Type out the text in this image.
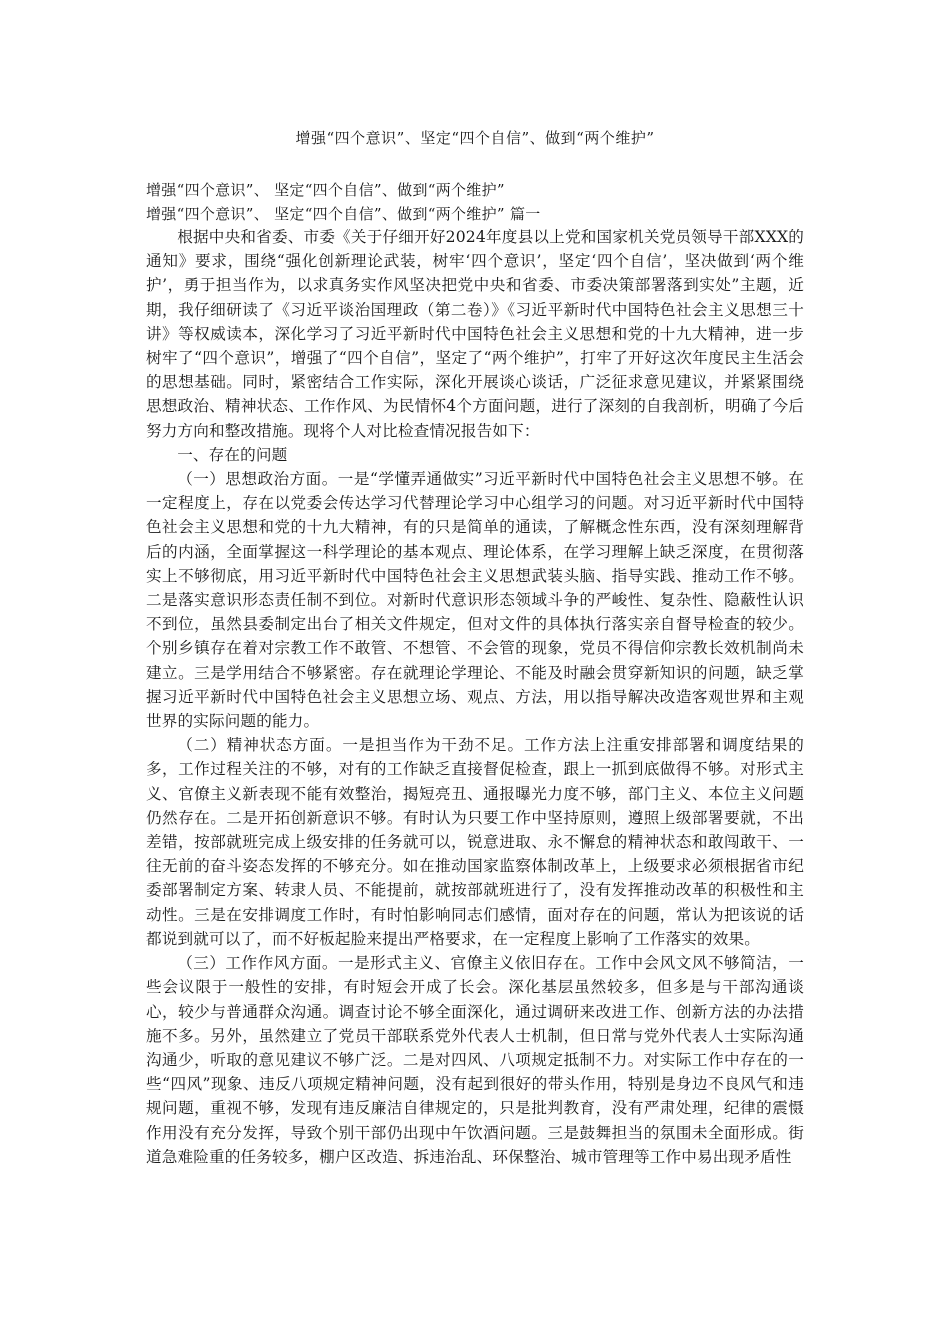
增强“四个意识”、坚定“四个自信”、做到“两个维护”
增强“四个意识”、 坚定“四个自信”、做到“两个维护”
增强“四个意识”、 坚定“四个自信”、做到“两个维护” 篇一

根据中央和省委、市委《关于仔细开好2024年度县以上党和国家机关党员领导干部XXX的通知》要求，围绕“强化创新理论武装，树牢‘四个意识’，坚定‘四个自信’，坚决做到‘两个维护’，勇于担当作为，以求真务实作风坚决把党中央和省委、市委决策部署落到实处”主题，近期，我仔细研读了《习近平谈治国理政（第二卷）》《习近平新时代中国特色社会主义思想三十讲》等权威读本，深化学习了习近平新时代中国特色社会主义思想和党的十九大精神，进一步树牢了“四个意识”，增强了“四个自信”，坚定了“两个维护”，打牢了开好这次年度民主生活会的思想基础。同时，紧密结合工作实际，深化开展谈心谈话，广泛征求意见建议，并紧紧围绕思想政治、精神状态、工作作风、为民情怀4个方面问题，进行了深刻的自我剖析，明确了今后努力方向和整改措施。现将个人对比检查情况报告如下：

一、存在的问题

（一）思想政治方面。一是“学懂弄通做实”习近平新时代中国特色社会主义思想不够。在一定程度上，存在以党委会传达学习代替理论学习中心组学习的问题。对习近平新时代中国特色社会主义思想和党的十九大精神，有的只是简单的通读，了解概念性东西，没有深刻理解背后的内涵，全面掌握这一科学理论的基本观点、理论体系，在学习理解上缺乏深度，在贯彻落实上不够彻底，用习近平新时代中国特色社会主义思想武装头脑、指导实践、推动工作不够。二是落实意识形态责任制不到位。对新时代意识形态领域斗争的严峻性、复杂性、隐蔽性认识不到位，虽然县委制定出台了相关文件规定，但对文件的具体执行落实亲自督导检查的较少。个别乡镇存在着对宗教工作不敢管、不想管、不会管的现象，党员不得信仰宗教长效机制尚未建立。三是学用结合不够紧密。存在就理论学理论、不能及时融会贯穿新知识的问题，缺乏掌握习近平新时代中国特色社会主义思想立场、观点、方法，用以指导解决改造客观世界和主观世界的实际问题的能力。

（二）精神状态方面。一是担当作为干劲不足。工作方法上注重安排部署和调度结果的多，工作过程关注的不够，对有的工作缺乏直接督促检查，跟上一抓到底做得不够。对形式主义、官僚主义新表现不能有效整治，揭短亮丑、通报曝光力度不够，部门主义、本位主义问题仍然存在。二是开拓创新意识不够。有时认为只要工作中坚持原则，遵照上级部署要就，不出差错，按部就班完成上级安排的任务就可以，锐意进取、永不懈怠的精神状态和敢闯敢干、一往无前的奋斗姿态发挥的不够充分。如在推动国家监察体制改革上，上级要求必须根据省市纪委部署制定方案、转隶人员、不能提前，就按部就班进行了，没有发挥推动改革的积极性和主动性。三是在安排调度工作时，有时怕影响同志们感情，面对存在的问题，常认为把该说的话都说到就可以了，而不好板起脸来提出严格要求，在一定程度上影响了工作落实的效果。

（三）工作作风方面。一是形式主义、官僚主义依旧存在。工作中会风文风不够简洁，一些会议限于一般性的安排，有时短会开成了长会。深化基层虽然较多，但多是与干部沟通谈心，较少与普通群众沟通。调查讨论不够全面深化，通过调研来改进工作、创新方法的办法措施不多。另外，虽然建立了党员干部联系党外代表人士机制，但日常与党外代表人士实际沟通沟通少，听取的意见建议不够广泛。二是对四风、八项规定抵制不力。对实际工作中存在的一些“四风”现象、违反八项规定精神问题，没有起到很好的带头作用，特别是身边不良风气和违规问题，重视不够，发现有违反廉洁自律规定的，只是批判教育，没有严肃处理，纪律的震慑作用没有充分发挥，导致个别干部仍出现中午饮酒问题。三是鼓舞担当的氛围未全面形成。街道急难险重的任务较多，棚户区改造、拆违治乱、环保整治、城市管理等工作中易出现矛盾性
